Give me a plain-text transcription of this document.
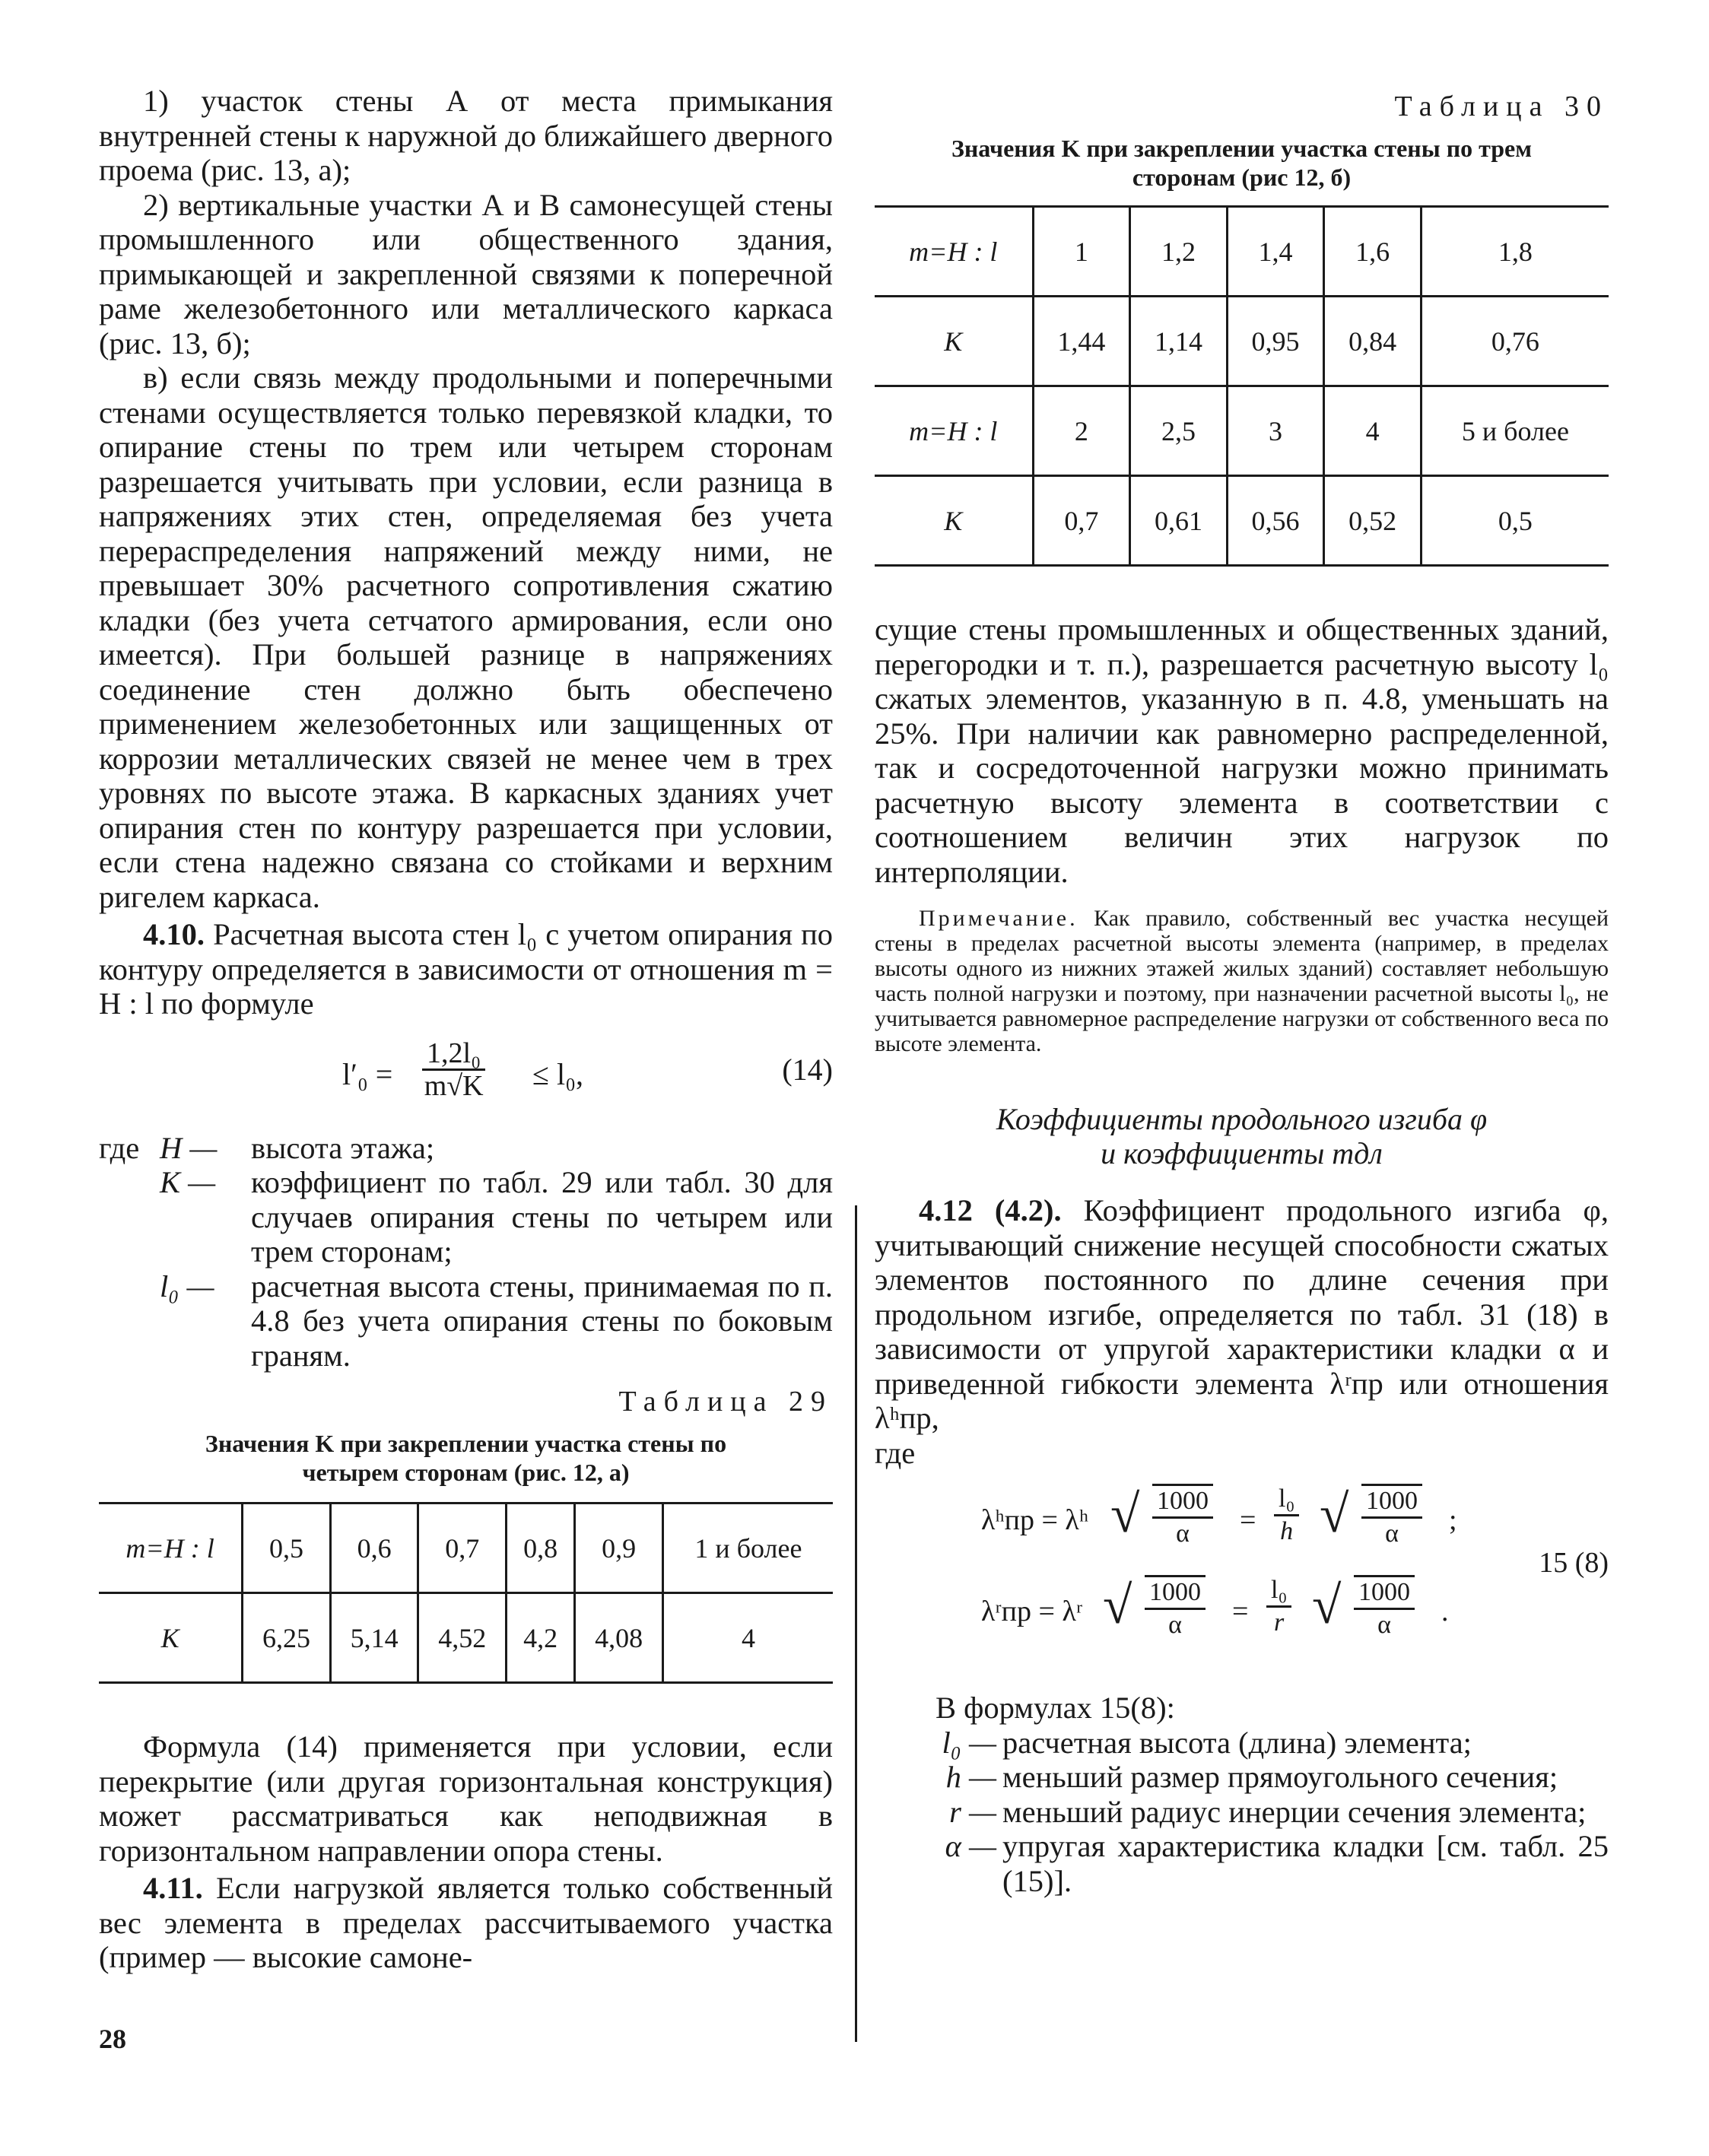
1) участок стены А от места примыкания внутренней стены к наружной до ближайшего дверного проема (рис. 13, а);

2) вертикальные участки А и В самонесущей стены промышленного или общественного здания, примыкающей и закрепленной связями к поперечной раме железобетонного или металлического каркаса (рис. 13, б);

в) если связь между продольными и поперечными стенами осуществляется только перевязкой кладки, то опирание стены по трем или четырем сторонам разрешается учитывать при условии, если разница в напряжениях этих стен, определяемая без учета перераспределения напряжений между ними, не превышает 30% расчетного сопротивления сжатию кладки (без учета сетчатого армирования, если оно имеется). При большей разнице в напряжениях соединение стен должно быть обеспечено применением железобетонных или защищенных от коррозии металлических связей не менее чем в трех уровнях по высоте этажа. В каркасных зданиях учет опирания стен по контуру разрешается при условии, если стена надежно связана со стойками и верхним ригелем каркаса.

4.10. Расчетная высота стен l₀ с учетом опирания по контуру определяется в зависимости от отношения m = H : l по формуле

$l'_0 = \frac{\text{1,2l₀}}{m√K} \le l_0$,	(14)
где H —	высота этажа;
K —	коэффициент по табл. 29 или табл. 30 для случаев опирания стены по четырем или трем сторонам;
l₀ —	расчетная высота стены, принимаемая по п. 4.8 без учета опирания стены по боковым граням.
Таблица 29

Значения K при закреплении участка стены по четырем сторонам (рис. 12, а)

m=H : l	0,5	0,6	0,7	0,8	0,9	1 и более
K	6,25	5,14	4,52	4,2	4,08	4

Формула (14) применяется при условии, если перекрытие (или другая горизонтальная конструкция) может рассматриваться как неподвижная в горизонтальном направлении опора стены.

4.11. Если нагрузкой является только собственный вес элемента в пределах рассчитываемого участка (пример — высокие самоне-

Таблица 30

Значения K при закреплении участка стены по трем сторонам (рис 12, б)

m=H : l	1	1,2	1,4	1,6	1,8
K	1,44	1,14	0,95	0,84	0,76
m=H : l	2	2,5	3	4	5 и более
K	0,7	0,61	0,56	0,52	0,5

сущие стены промышленных и общественных зданий, перегородки и т. п.), разрешается расчетную высоту l₀ сжатых элементов, указанную в п. 4.8, уменьшать на 25%. При наличии как равномерно распределенной, так и сосредоточенной нагрузки можно принимать расчетную высоту элемента в соответствии с соотношением величин этих нагрузок по интерполяции.

Примечание. Как правило, собственный вес участка несущей стены в пределах расчетной высоты элемента (например, в пределах высоты одного из нижних этажей жилых зданий) составляет небольшую часть полной нагрузки и поэтому, при назначении расчетной высоты l₀, не учитывается равномерное распределение нагрузки от собственного веса по высоте элемента.

Коэффициенты продольного изгиба φ

и коэффициенты mдл

4.12 (4.2). Коэффициент продольного изгиба φ, учитывающий снижение несущей способности сжатых элементов постоянного по длине сечения при продольном изгибе, определяется по табл. 31 (18) в зависимости от упругой характеристики кладки α и приведенной гибкости элемента λʳпр или отношения λʰпр,

где

λʰпр = λʰ √ $\frac{1000}{\alpha} = \frac{\text{l₀}}{h}$ √ $\frac{1000}{\alpha}$ ;
15 (8)
λʳпр = λʳ √ $\frac{1000}{\alpha} = \frac{\text{l₀}}{r}$ √ $\frac{1000}{\alpha}$ .

В формулах 15(8):

l₀ — расчетная высота (длина) элемента;
h — меньший размер прямоугольного сечения;
r — меньший радиус инерции сечения элемента;
α — упругая характеристика кладки [см. табл. 25 (15)].
28
